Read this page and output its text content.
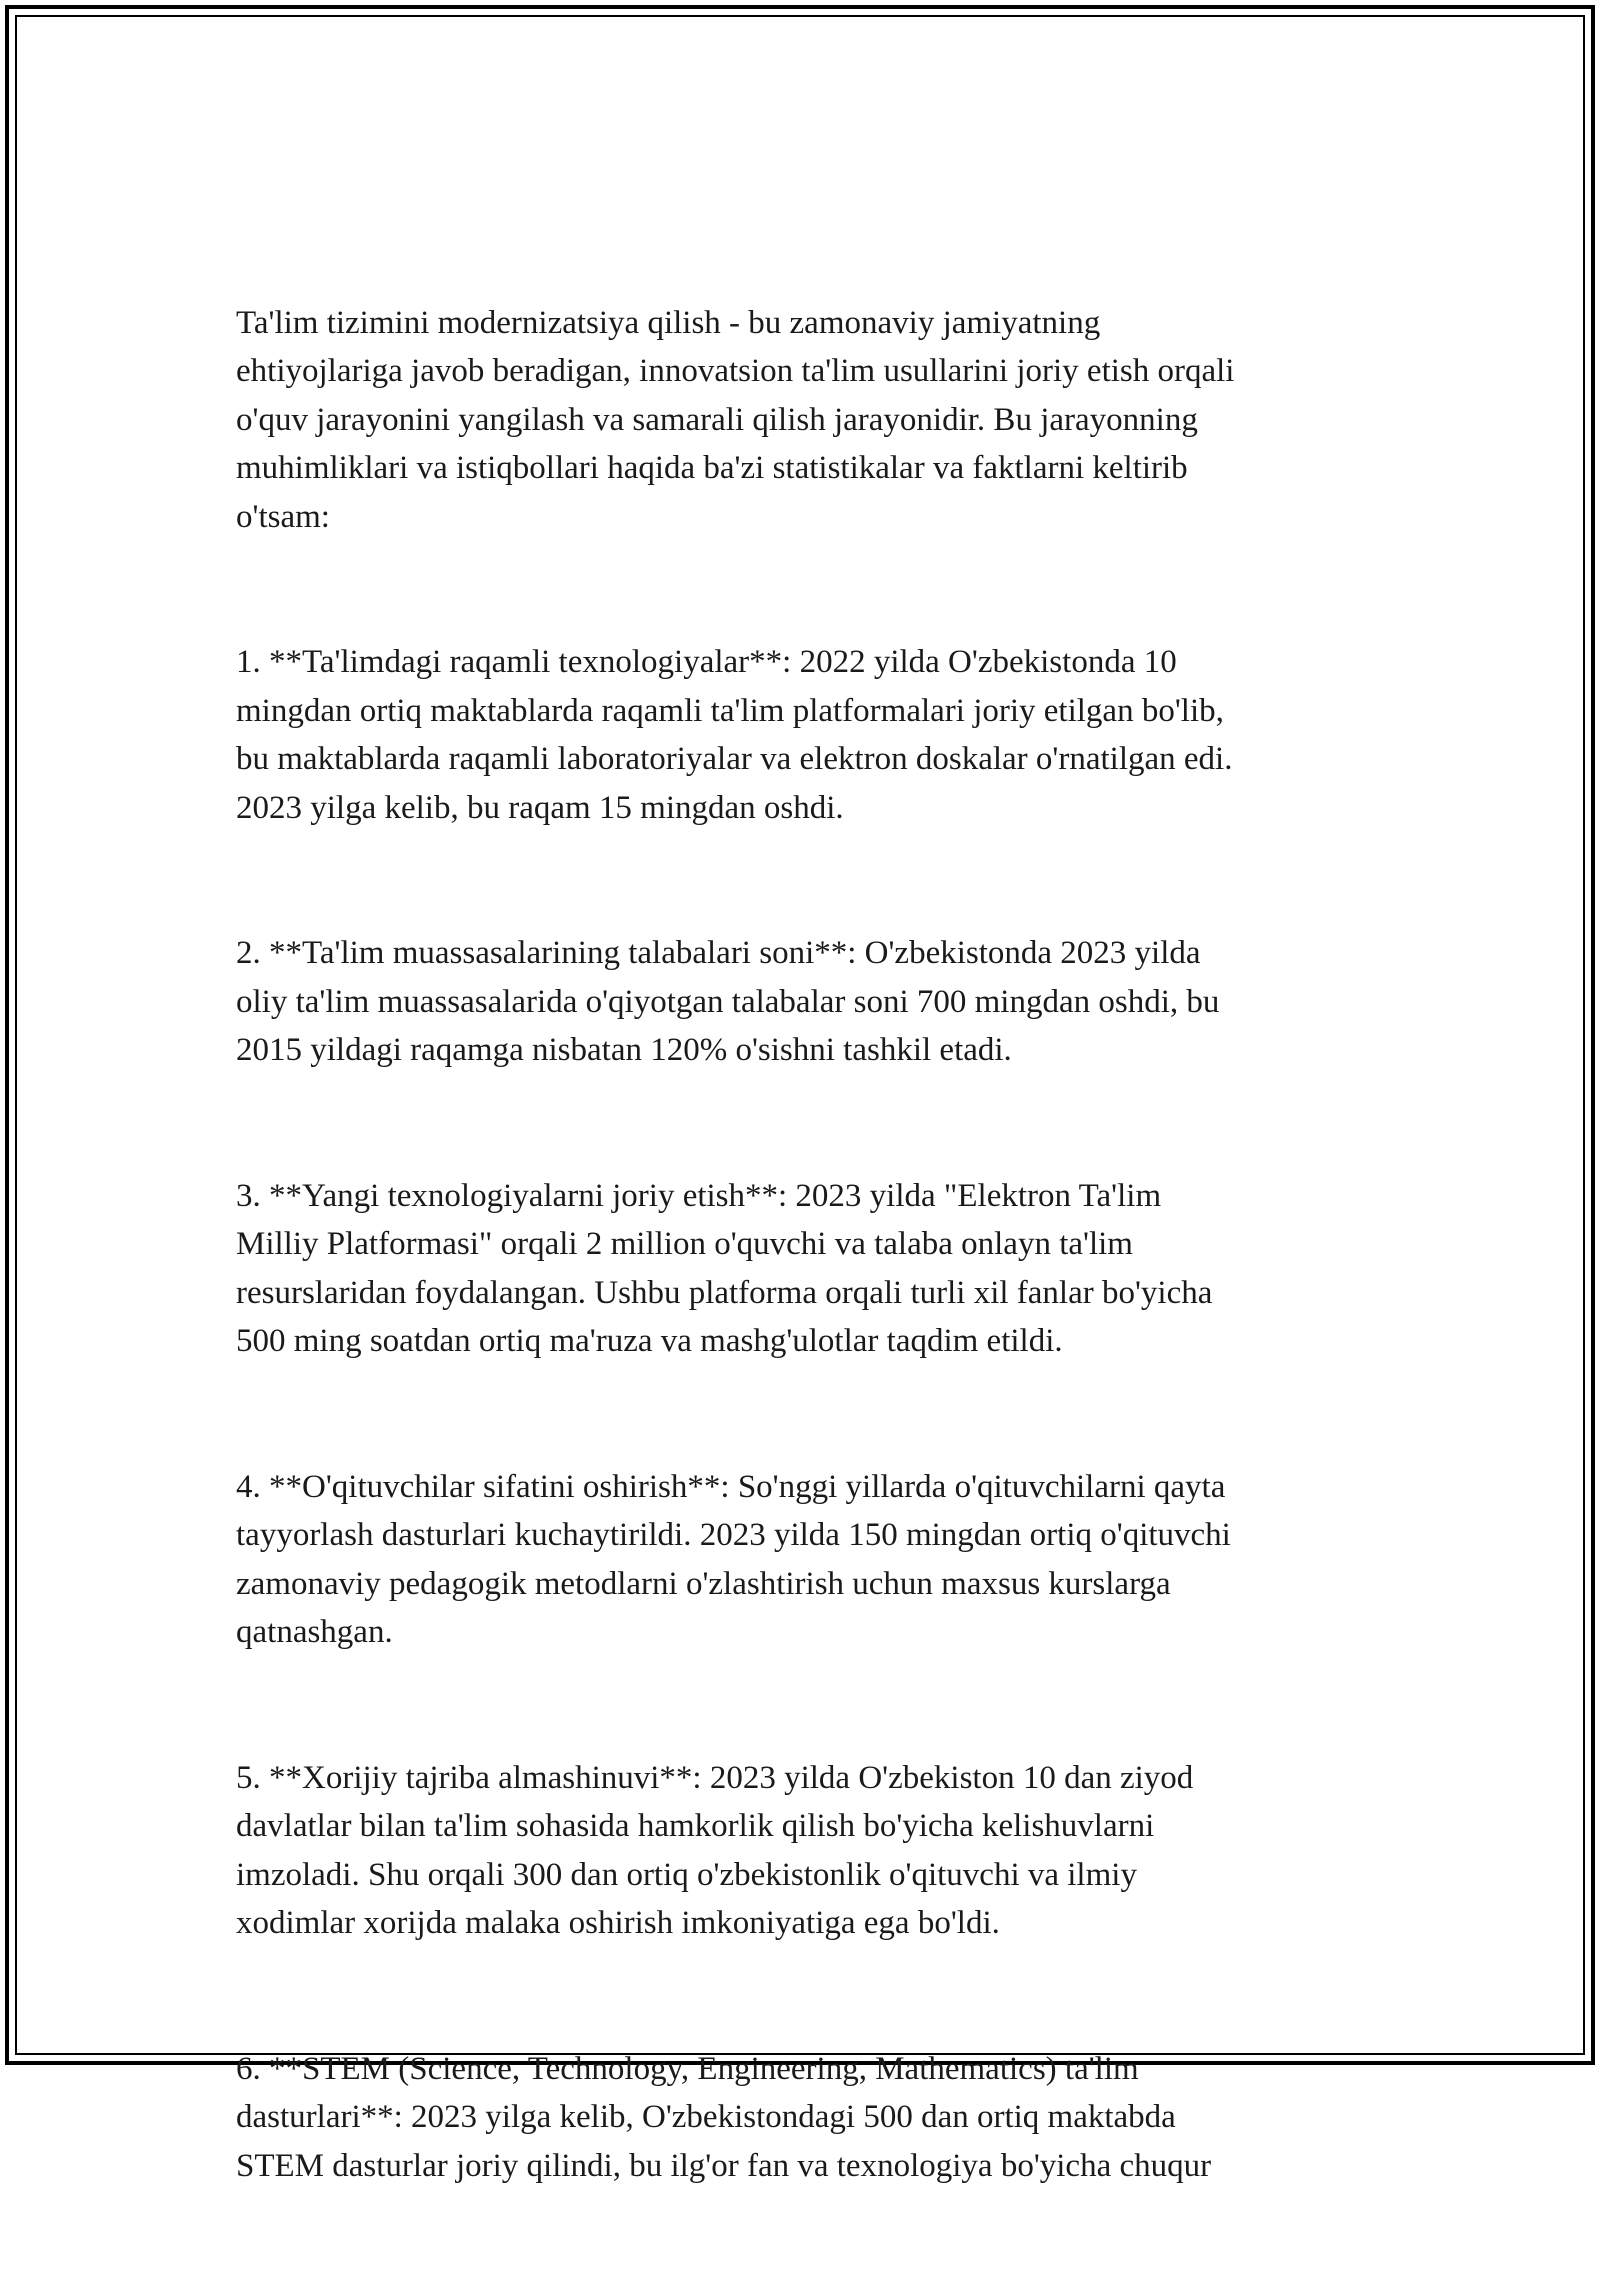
Ta'lim tizimini modernizatsiya qilish - bu zamonaviy jamiyatning
ehtiyojlariga javob beradigan, innovatsion ta'lim usullarini joriy etish orqali
o'quv jarayonini yangilash va samarali qilish jarayonidir. Bu jarayonning
muhimliklari va istiqbollari haqida ba'zi statistikalar va faktlarni keltirib
o'tsam:

1. **Ta'limdagi raqamli texnologiyalar**: 2022 yilda O'zbekistonda 10
mingdan ortiq maktablarda raqamli ta'lim platformalari joriy etilgan bo'lib,
bu maktablarda raqamli laboratoriyalar va elektron doskalar o'rnatilgan edi.
2023 yilga kelib, bu raqam 15 mingdan oshdi.

2. **Ta'lim muassasalarining talabalari soni**: O'zbekistonda 2023 yilda
oliy ta'lim muassasalarida o'qiyotgan talabalar soni 700 mingdan oshdi, bu
2015 yildagi raqamga nisbatan 120% o'sishni tashkil etadi.

3. **Yangi texnologiyalarni joriy etish**: 2023 yilda "Elektron Ta'lim
Milliy Platformasi" orqali 2 million o'quvchi va talaba onlayn ta'lim
resurslaridan foydalangan. Ushbu platforma orqali turli xil fanlar bo'yicha
500 ming soatdan ortiq ma'ruza va mashg'ulotlar taqdim etildi.

4. **O'qituvchilar sifatini oshirish**: So'nggi yillarda o'qituvchilarni qayta
tayyorlash dasturlari kuchaytirildi. 2023 yilda 150 mingdan ortiq o'qituvchi
zamonaviy pedagogik metodlarni o'zlashtirish uchun maxsus kurslarga
qatnashgan.

5. **Xorijiy tajriba almashinuvi**: 2023 yilda O'zbekiston 10 dan ziyod
davlatlar bilan ta'lim sohasida hamkorlik qilish bo'yicha kelishuvlarni
imzoladi. Shu orqali 300 dan ortiq o'zbekistonlik o'qituvchi va ilmiy
xodimlar xorijda malaka oshirish imkoniyatiga ega bo'ldi.

6. **STEM (Science, Technology, Engineering, Mathematics) ta'lim
dasturlari**: 2023 yilga kelib, O'zbekistondagi 500 dan ortiq maktabda
STEM dasturlar joriy qilindi, bu ilg'or fan va texnologiya bo'yicha chuqur
